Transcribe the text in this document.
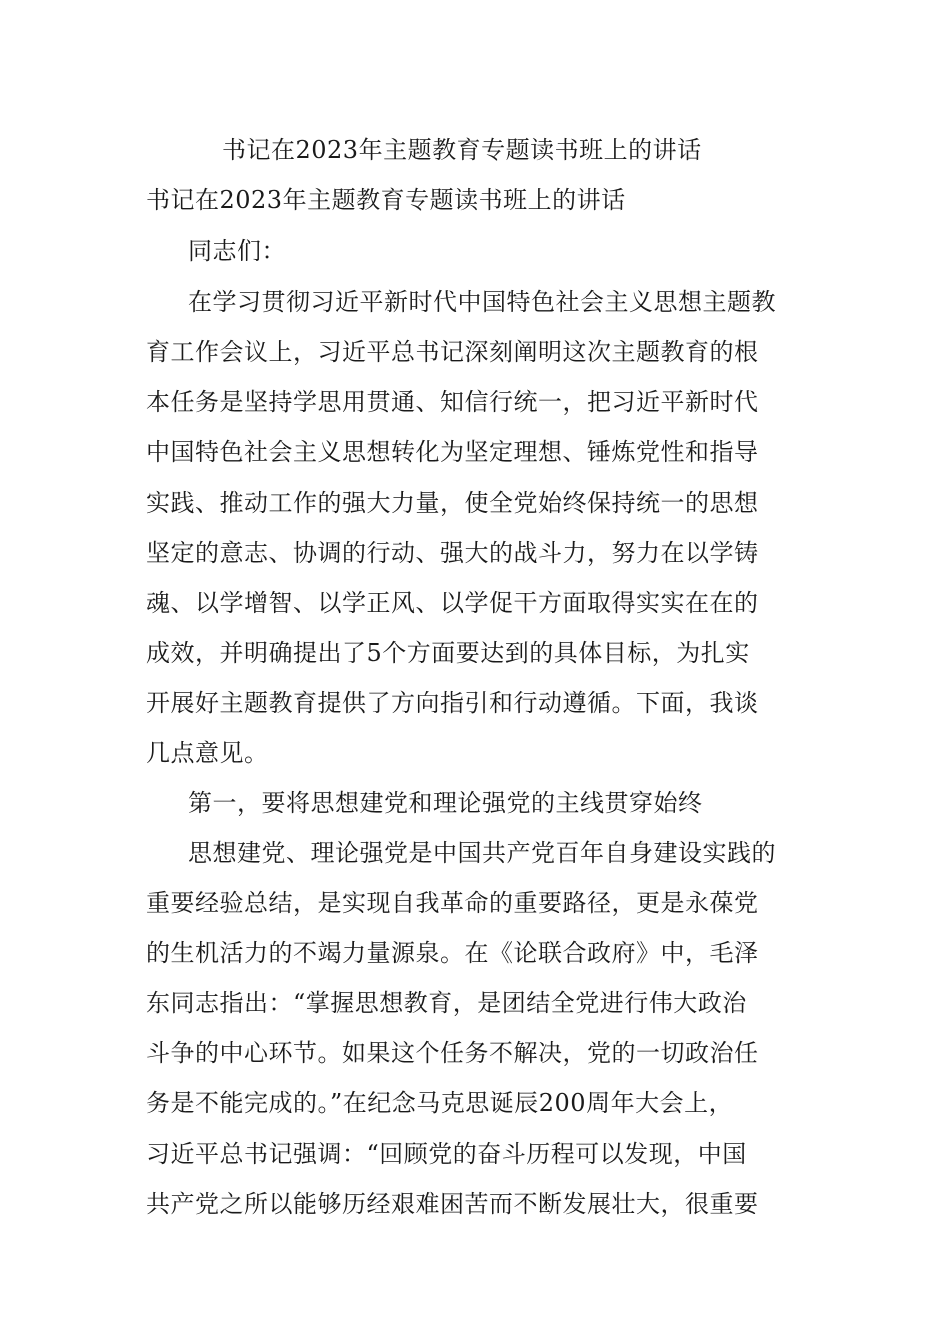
书记在2023年主题教育专题读书班上的讲话
书记在2023年主题教育专题读书班上的讲话
同志们：
在学习贯彻习近平新时代中国特色社会主义思想主题教
育工作会议上，习近平总书记深刻阐明这次主题教育的根
本任务是坚持学思用贯通、知信行统一，把习近平新时代
中国特色社会主义思想转化为坚定理想、锤炼党性和指导
实践、推动工作的强大力量，使全党始终保持统一的思想
坚定的意志、协调的行动、强大的战斗力，努力在以学铸
魂、以学增智、以学正风、以学促干方面取得实实在在的
成效，并明确提出了5个方面要达到的具体目标，为扎实
开展好主题教育提供了方向指引和行动遵循。下面，我谈
几点意见。
第一，要将思想建党和理论强党的主线贯穿始终
思想建党、理论强党是中国共产党百年自身建设实践的
重要经验总结，是实现自我革命的重要路径，更是永葆党
的生机活力的不竭力量源泉。在《论联合政府》中，毛泽
东同志指出：“掌握思想教育，是团结全党进行伟大政治
斗争的中心环节。如果这个任务不解决，党的一切政治任
务是不能完成的。”在纪念马克思诞辰200周年大会上，
习近平总书记强调：“回顾党的奋斗历程可以发现，中国
共产党之所以能够历经艰难困苦而不断发展壮大，很重要
